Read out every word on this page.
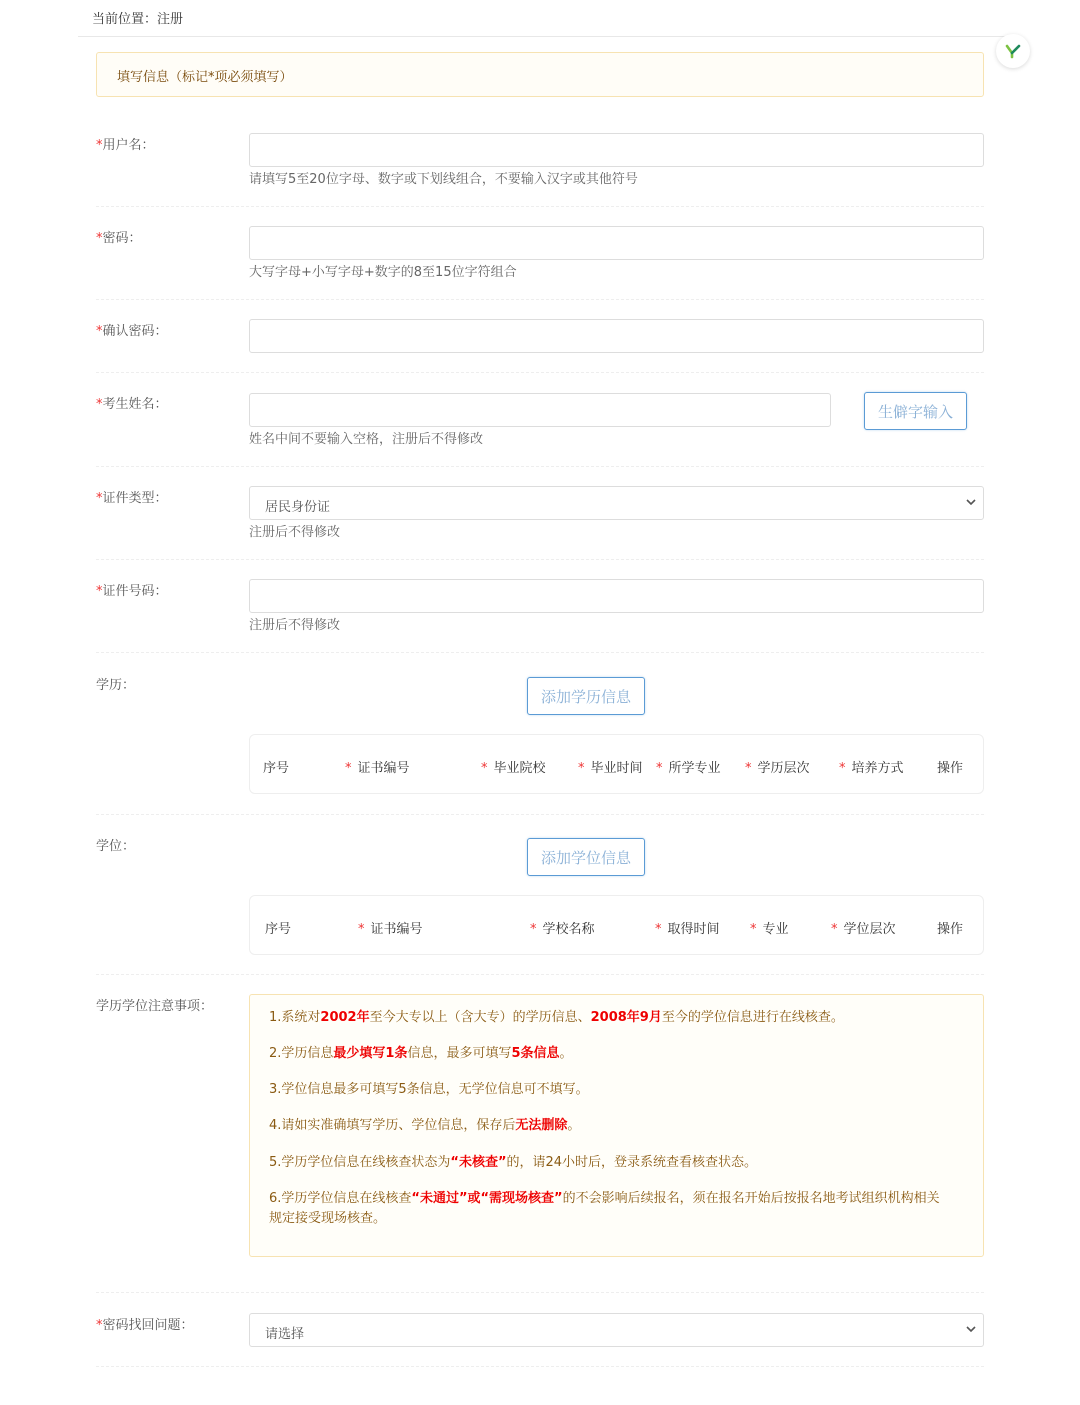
当前位置：注册
填写信息（标记*项必须填写）
*用户名：
请填写5至20位字母、数字或下划线组合，不要输入汉字或其他符号
*密码：
大写字母+小写字母+数字的8至15位字符组合
*确认密码：
*考生姓名：	生僻字输入
姓名中间不要输入空格，注册后不得修改
*证件类型：
居民身份证
注册后不得修改
*证件号码：
注册后不得修改
学历：
添加学历信息
序号	* 证书编号	* 毕业院校 * 毕业时间 * 所学专业 * 学历层次 * 培养方式	操作
学位：
添加学位信息
序号	* 证书编号	* 学校名称	* 取得时间 * 专业	* 学位层次	操作
学历学位注意事项：

1.系统对2002年至今大专以上（含大专）的学历信息、2008年9月至今的学位信息进行在线核查。

2.学历信息最少填写1条信息，最多可填写5条信息。

3.学位信息最多可填写5条信息，无学位信息可不填写。

4.请如实准确填写学历、学位信息，保存后无法删除。

5.学历学位信息在线核查状态为“未核查”的，请24小时后，登录系统查看核查状态。

6.学历学位信息在线核查“未通过”或“需现场核查”的不会影响后续报名，须在报名开始后按报名地考试组织机构相关
规定接受现场核查。

*密码找回问题：
请选择
